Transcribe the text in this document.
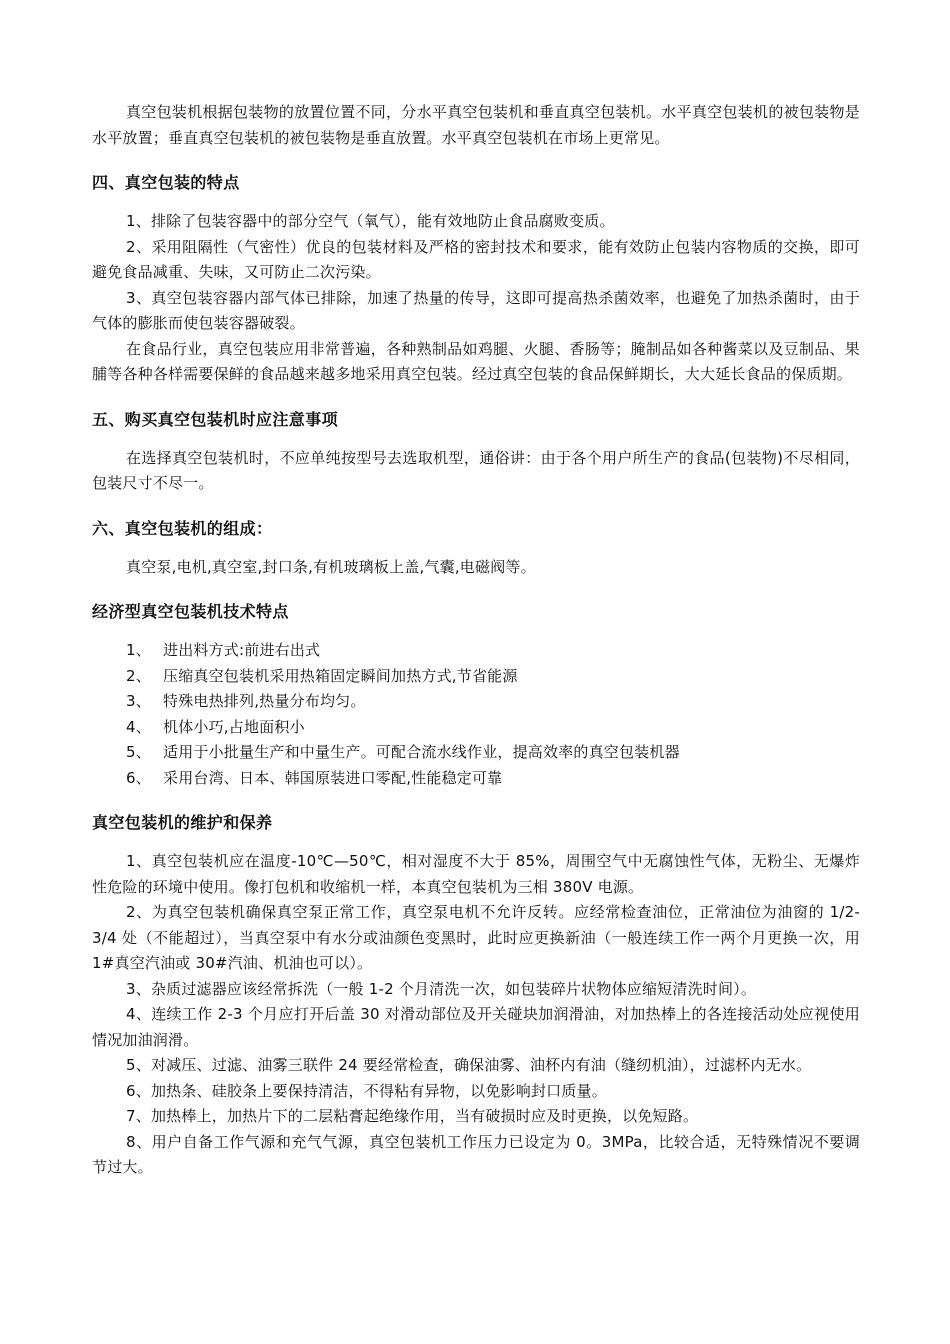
真空包装机根据包装物的放置位置不同，分水平真空包装机和垂直真空包装机。水平真空包装机的被包装物是水平放置；垂直真空包装机的被包装物是垂直放置。水平真空包装机在市场上更常见。

四、真空包装的特点

1、排除了包装容器中的部分空气（氧气），能有效地防止食品腐败变质。

2、采用阻隔性（气密性）优良的包装材料及严格的密封技术和要求，能有效防止包装内容物质的交换，即可避免食品减重、失味，又可防止二次污染。

3、真空包装容器内部气体已排除，加速了热量的传导，这即可提高热杀菌效率，也避免了加热杀菌时，由于气体的膨胀而使包装容器破裂。

在食品行业，真空包装应用非常普遍，各种熟制品如鸡腿、火腿、香肠等；腌制品如各种酱菜以及豆制品、果脯等各种各样需要保鲜的食品越来越多地采用真空包装。经过真空包装的食品保鲜期长，大大延长食品的保质期。

五、购买真空包装机时应注意事项

在选择真空包装机时，不应单纯按型号去选取机型，通俗讲：由于各个用户所生产的食品(包装物)不尽相同，包装尺寸不尽一。

六、真空包装机的组成：

真空泵,电机,真空室,封口条,有机玻璃板上盖,气囊,电磁阀等。

经济型真空包装机技术特点
1、 进出料方式:前进右出式
2、 压缩真空包装机采用热箱固定瞬间加热方式,节省能源
3、 特殊电热排列,热量分布均匀。
4、 机体小巧,占地面积小
5、 适用于小批量生产和中量生产。可配合流水线作业，提高效率的真空包装机器
6、 采用台湾、日本、韩国原装进口零配,性能稳定可靠
真空包装机的维护和保养

1、真空包装机应在温度-10℃—50℃，相对湿度不大于 85%，周围空气中无腐蚀性气体，无粉尘、无爆炸性危险的环境中使用。像打包机和收缩机一样，本真空包装机为三相 380V 电源。

2、为真空包装机确保真空泵正常工作，真空泵电机不允许反转。应经常检查油位，正常油位为油窗的 1/2-3/4 处（不能超过），当真空泵中有水分或油颜色变黑时，此时应更换新油（一般连续工作一两个月更换一次，用 1#真空汽油或 30#汽油、机油也可以）。

3、杂质过滤器应该经常拆洗（一般 1-2 个月清洗一次，如包装碎片状物体应缩短清洗时间）。

4、连续工作 2-3 个月应打开后盖 30 对滑动部位及开关碰块加润滑油，对加热棒上的各连接活动处应视使用情况加油润滑。

5、对减压、过滤、油雾三联件 24 要经常检查，确保油雾、油杯内有油（缝纫机油），过滤杯内无水。

6、加热条、硅胶条上要保持清洁，不得粘有异物，以免影响封口质量。

7、加热棒上，加热片下的二层粘膏起绝缘作用，当有破损时应及时更换，以免短路。

8、用户自备工作气源和充气气源，真空包装机工作压力已设定为 0。3MPa，比较合适，无特殊情况不要调节过大。
